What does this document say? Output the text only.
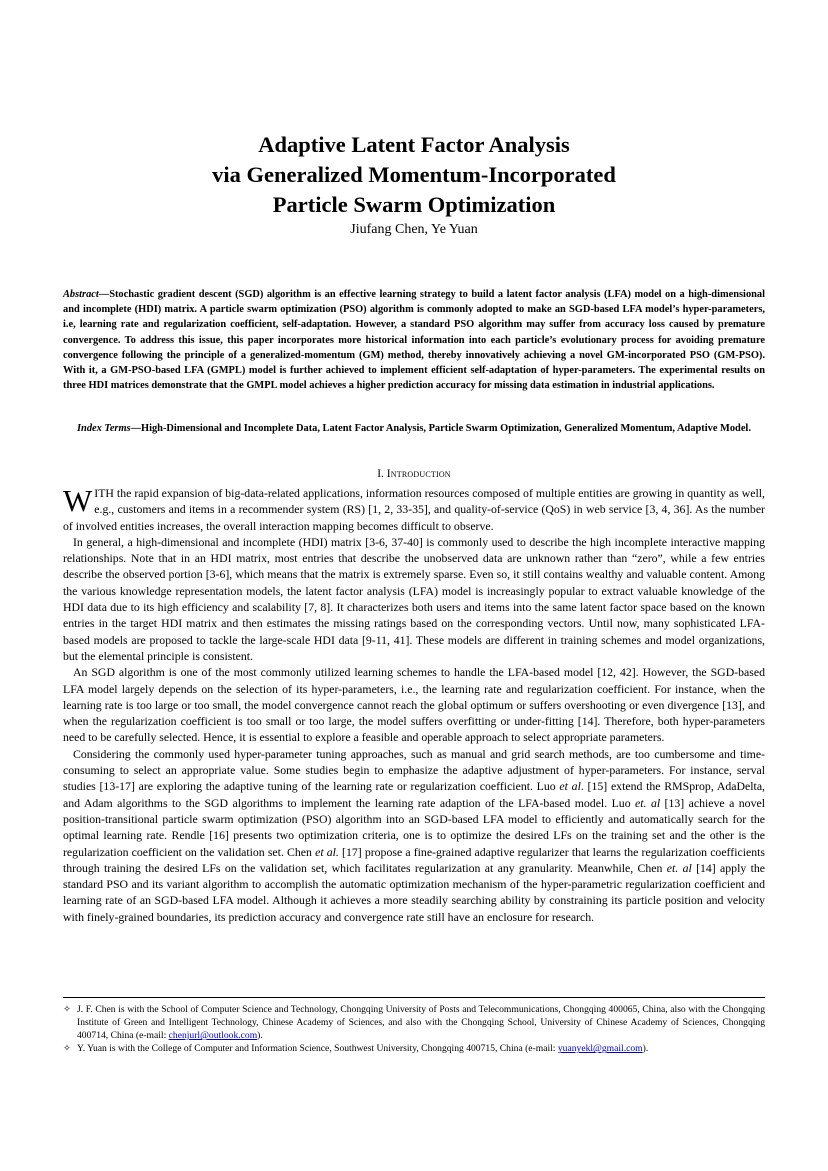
Adaptive Latent Factor Analysis
via Generalized Momentum-Incorporated
Particle Swarm Optimization
Jiufang Chen, Ye Yuan
Abstract—Stochastic gradient descent (SGD) algorithm is an effective learning strategy to build a latent factor analysis (LFA) model on a high-dimensional and incomplete (HDI) matrix. A particle swarm optimization (PSO) algorithm is commonly adopted to make an SGD-based LFA model’s hyper-parameters, i.e, learning rate and regularization coefficient, self-adaptation. However, a standard PSO algorithm may suffer from accuracy loss caused by premature convergence. To address this issue, this paper incorporates more historical information into each particle’s evolutionary process for avoiding premature convergence following the principle of a generalized-momentum (GM) method, thereby innovatively achieving a novel GM-incorporated PSO (GM-PSO). With it, a GM-PSO-based LFA (GMPL) model is further achieved to implement efficient self-adaptation of hyper-parameters. The experimental results on three HDI matrices demonstrate that the GMPL model achieves a higher prediction accuracy for missing data estimation in industrial applications.
Index Terms—High-Dimensional and Incomplete Data, Latent Factor Analysis, Particle Swarm Optimization, Generalized Momentum, Adaptive Model.
I. Introduction

WITH the rapid expansion of big-data-related applications, information resources composed of multiple entities are growing in quantity as well, e.g., customers and items in a recommender system (RS) [1, 2, 33-35], and quality-of-service (QoS) in web service [3, 4, 36]. As the number of involved entities increases, the overall interaction mapping becomes difficult to observe.

In general, a high-dimensional and incomplete (HDI) matrix [3-6, 37-40] is commonly used to describe the high incomplete interactive mapping relationships. Note that in an HDI matrix, most entries that describe the unobserved data are unknown rather than “zero”, while a few entries describe the observed portion [3-6], which means that the matrix is extremely sparse. Even so, it still contains wealthy and valuable content. Among the various knowledge representation models, the latent factor analysis (LFA) model is increasingly popular to extract valuable knowledge of the HDI data due to its high efficiency and scalability [7, 8]. It characterizes both users and items into the same latent factor space based on the known entries in the target HDI matrix and then estimates the missing ratings based on the corresponding vectors. Until now, many sophisticated LFA-based models are proposed to tackle the large-scale HDI data [9-11, 41]. These models are different in training schemes and model organizations, but the elemental principle is consistent.

An SGD algorithm is one of the most commonly utilized learning schemes to handle the LFA-based model [12, 42]. However, the SGD-based LFA model largely depends on the selection of its hyper-parameters, i.e., the learning rate and regularization coefficient. For instance, when the learning rate is too large or too small, the model convergence cannot reach the global optimum or suffers overshooting or even divergence [13], and when the regularization coefficient is too small or too large, the model suffers overfitting or under-fitting [14]. Therefore, both hyper-parameters need to be carefully selected. Hence, it is essential to explore a feasible and operable approach to select appropriate parameters.

Considering the commonly used hyper-parameter tuning approaches, such as manual and grid search methods, are too cumbersome and time-consuming to select an appropriate value. Some studies begin to emphasize the adaptive adjustment of hyper-parameters. For instance, serval studies [13-17] are exploring the adaptive tuning of the learning rate or regularization coefficient. Luo et al. [15] extend the RMSprop, AdaDelta, and Adam algorithms to the SGD algorithms to implement the learning rate adaption of the LFA-based model. Luo et. al [13] achieve a novel position-transitional particle swarm optimization (PSO) algorithm into an SGD-based LFA model to efficiently and automatically search for the optimal learning rate. Rendle [16] presents two optimization criteria, one is to optimize the desired LFs on the training set and the other is the regularization coefficient on the validation set. Chen et al. [17] propose a fine-grained adaptive regularizer that learns the regularization coefficients through training the desired LFs on the validation set, which facilitates regularization at any granularity. Meanwhile, Chen et. al [14] apply the standard PSO and its variant algorithm to accomplish the automatic optimization mechanism of the hyper-parametric regularization coefficient and learning rate of an SGD-based LFA model. Although it achieves a more steadily searching ability by constraining its particle position and velocity with finely-grained boundaries, its prediction accuracy and convergence rate still have an enclosure for research.

✧ J. F. Chen is with the School of Computer Science and Technology, Chongqing University of Posts and Telecommunications, Chongqing 400065, China, also with the Chongqing Institute of Green and Intelligent Technology, Chinese Academy of Sciences, and also with the Chongqing School, University of Chinese Academy of Sciences, Chongqing 400714, China (e-mail: chenjurl@outlook.com).

✧ Y. Yuan is with the College of Computer and Information Science, Southwest University, Chongqing 400715, China (e-mail: yuanyekl@gmail.com).
